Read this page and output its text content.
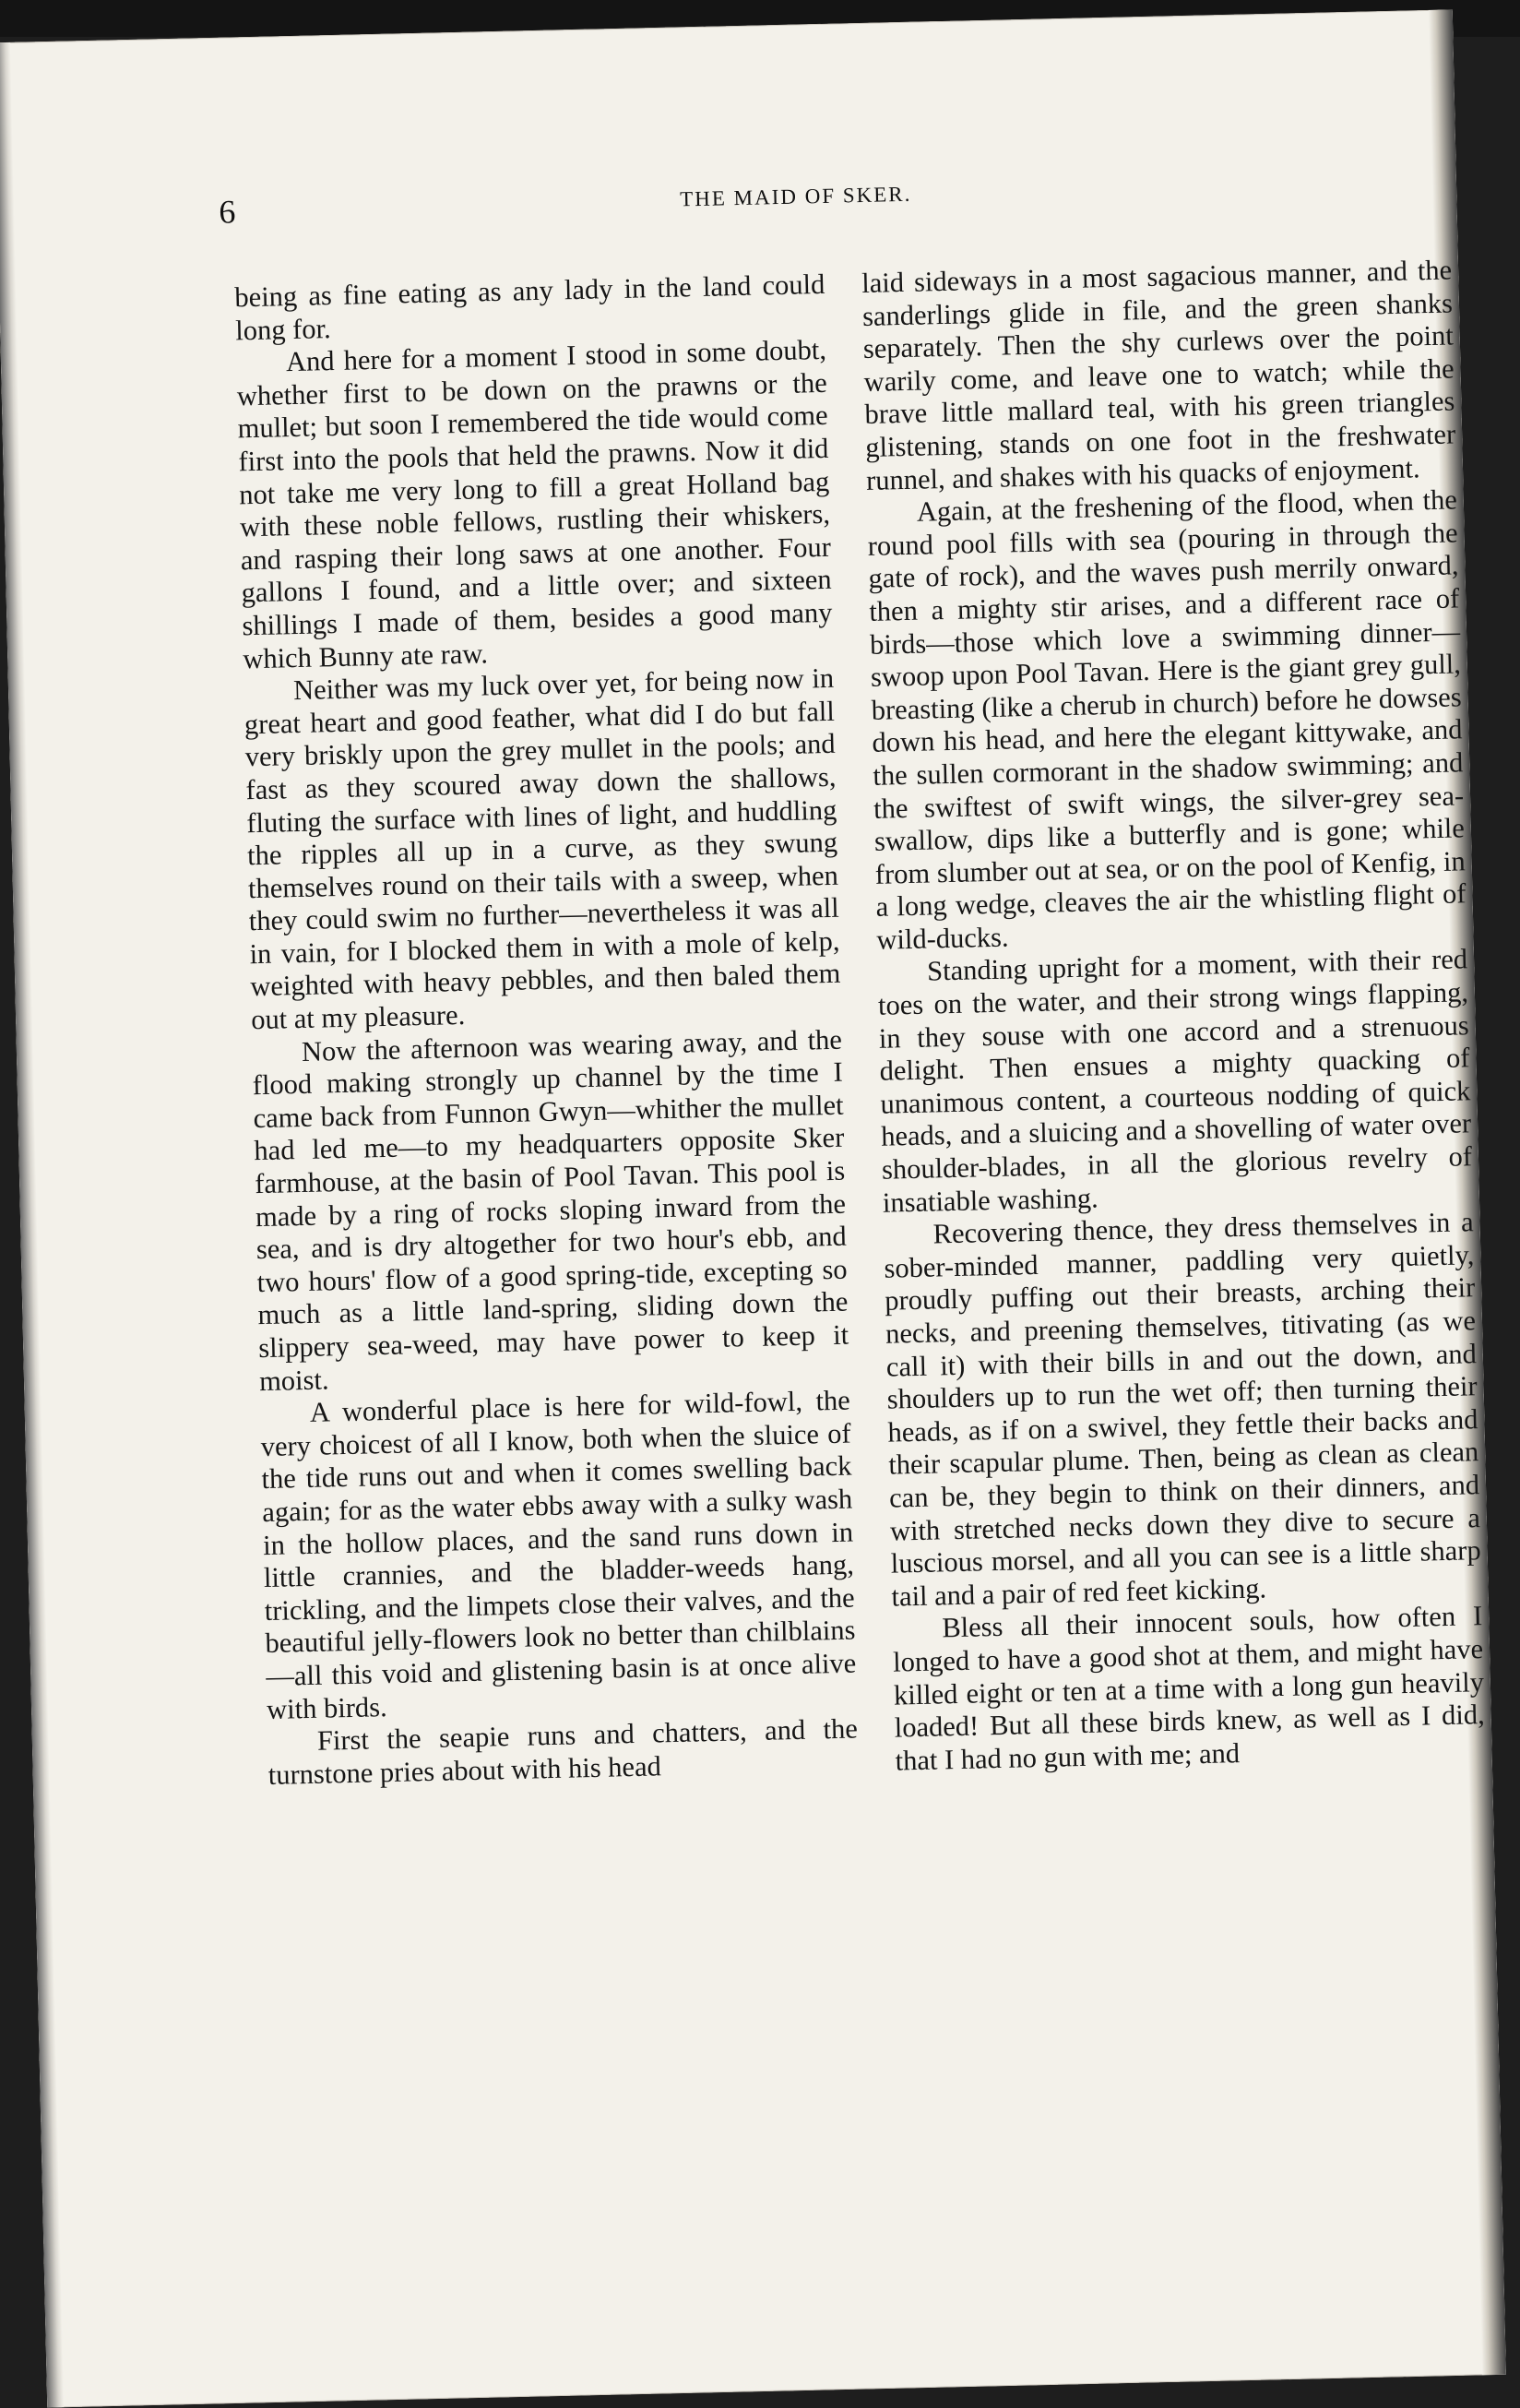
6	THE MAID OF SKER.

being as fine eating as any lady in the land could long for.

And here for a moment I stood in some doubt, whether first to be down on the prawns or the mullet; but soon I remembered the tide would come first into the pools that held the prawns. Now it did not take me very long to fill a great Holland bag with these noble fellows, rustling their whiskers, and rasping their long saws at one another. Four gallons I found, and a little over; and sixteen shillings I made of them, besides a good many which Bunny ate raw.

Neither was my luck over yet, for being now in great heart and good feather, what did I do but fall very briskly upon the grey mullet in the pools; and fast as they scoured away down the shallows, fluting the surface with lines of light, and huddling the ripples all up in a curve, as they swung themselves round on their tails with a sweep, when they could swim no further—nevertheless it was all in vain, for I blocked them in with a mole of kelp, weighted with heavy pebbles, and then baled them out at my pleasure.

Now the afternoon was wearing away, and the flood making strongly up channel by the time I came back from Funnon Gwyn—whither the mullet had led me—to my headquarters opposite Sker farmhouse, at the basin of Pool Tavan. This pool is made by a ring of rocks sloping inward from the sea, and is dry altogether for two hour's ebb, and two hours' flow of a good spring-tide, excepting so much as a little land-spring, sliding down the slippery sea-weed, may have power to keep it moist.

A wonderful place is here for wild-fowl, the very choicest of all I know, both when the sluice of the tide runs out and when it comes swelling back again; for as the water ebbs away with a sulky wash in the hollow places, and the sand runs down in little crannies, and the bladder-weeds hang, trickling, and the limpets close their valves, and the beautiful jelly-flowers look no better than chilblains—all this void and glistening basin is at once alive with birds.

First the seapie runs and chatters, and the turnstone pries about with his head

laid sideways in a most sagacious manner, and the sanderlings glide in file, and the green shanks separately. Then the shy curlews over the point warily come, and leave one to watch; while the brave little mallard teal, with his green triangles glistening, stands on one foot in the freshwater runnel, and shakes with his quacks of enjoyment.

Again, at the freshening of the flood, when the round pool fills with sea (pouring in through the gate of rock), and the waves push merrily onward, then a mighty stir arises, and a different race of birds—those which love a swimming dinner—swoop upon Pool Tavan. Here is the giant grey gull, breasting (like a cherub in church) before he dowses down his head, and here the elegant kittywake, and the sullen cormorant in the shadow swimming; and the swiftest of swift wings, the silver-grey sea-swallow, dips like a butterfly and is gone; while from slumber out at sea, or on the pool of Kenfig, in a long wedge, cleaves the air the whistling flight of wild-ducks.

Standing upright for a moment, with their red toes on the water, and their strong wings flapping, in they souse with one accord and a strenuous delight. Then ensues a mighty quacking of unanimous content, a courteous nodding of quick heads, and a sluicing and a shovelling of water over shoulder-blades, in all the glorious revelry of insatiable washing.

Recovering thence, they dress themselves in a sober-minded manner, paddling very quietly, proudly puffing out their breasts, arching their necks, and preening themselves, titivating (as we call it) with their bills in and out the down, and shoulders up to run the wet off; then turning their heads, as if on a swivel, they fettle their backs and their scapular plume. Then, being as clean as clean can be, they begin to think on their dinners, and with stretched necks down they dive to secure a luscious morsel, and all you can see is a little sharp tail and a pair of red feet kicking.

Bless all their innocent souls, how often I longed to have a good shot at them, and might have killed eight or ten at a time with a long gun heavily loaded! But all these birds knew, as well as I did, that I had no gun with me; and
